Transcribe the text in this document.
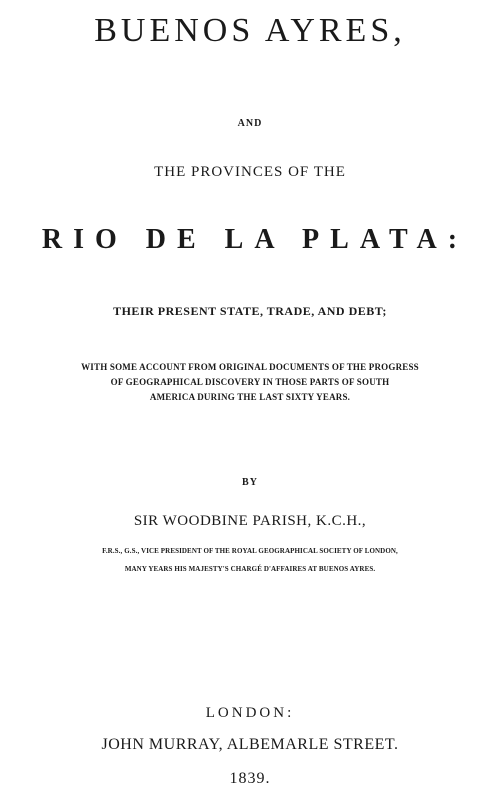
BUENOS AYRES,
AND
THE PROVINCES OF THE
RIO DE LA PLATA:
THEIR PRESENT STATE, TRADE, AND DEBT;
WITH SOME ACCOUNT FROM ORIGINAL DOCUMENTS OF THE PROGRESS
OF GEOGRAPHICAL DISCOVERY IN THOSE PARTS OF SOUTH
AMERICA DURING THE LAST SIXTY YEARS.
BY
SIR WOODBINE PARISH, K.C.H.,
F.R.S., G.S., VICE PRESIDENT OF THE ROYAL GEOGRAPHICAL SOCIETY OF LONDON,
MANY YEARS HIS MAJESTY'S CHARGÉ D'AFFAIRES AT BUENOS AYRES.
LONDON:
JOHN MURRAY, ALBEMARLE STREET.
1839.
